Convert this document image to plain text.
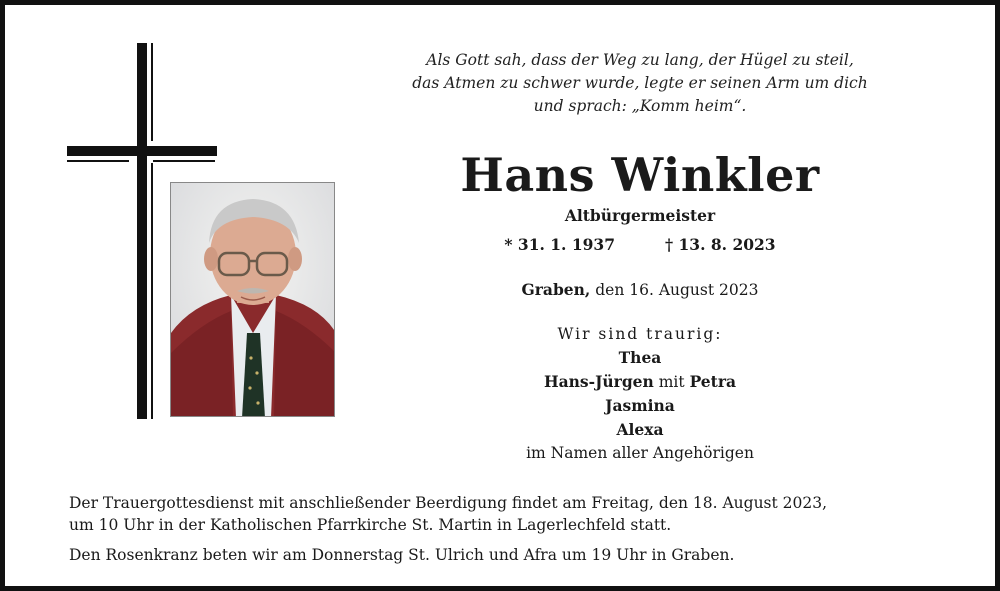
Als Gott sah, dass der Weg zu lang, der Hügel zu steil,
das Atmen zu schwer wurde, legte er seinen Arm um dich
und sprach: „Komm heim“.
Hans Winkler
Altbürgermeister
* 31. 1. 1937	† 13. 8. 2023
Graben, den 16. August 2023
Wir sind traurig:
Thea
Hans-Jürgen mit Petra
Jasmina
Alexa
im Namen aller Angehörigen
Der Trauergottesdienst mit anschließender Beerdigung findet am Freitag, den 18. August 2023,
um 10 Uhr in der Katholischen Pfarrkirche St. Martin in Lagerlechfeld statt.
Den Rosenkranz beten wir am Donnerstag St. Ulrich und Afra um 19 Uhr in Graben.
